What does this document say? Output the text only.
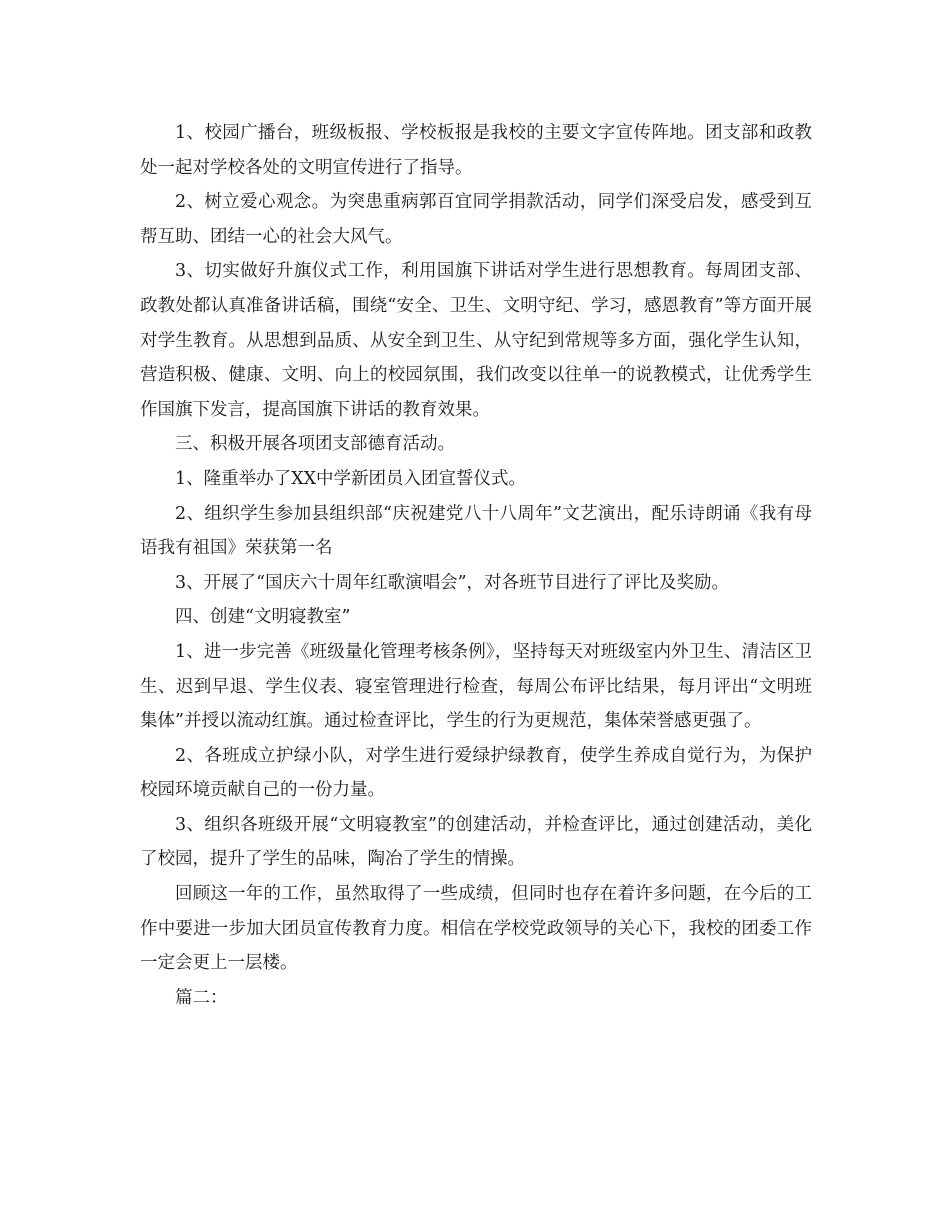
1、校园广播台，班级板报、学校板报是我校的主要文字宣传阵地。团支部和政教处一起对学校各处的文明宣传进行了指导。

2、树立爱心观念。为突患重病郭百宜同学捐款活动，同学们深受启发，感受到互帮互助、团结一心的社会大风气。

3、切实做好升旗仪式工作，利用国旗下讲话对学生进行思想教育。每周团支部、政教处都认真准备讲话稿，围绕“安全、卫生、文明守纪、学习，感恩教育”等方面开展对学生教育。从思想到品质、从安全到卫生、从守纪到常规等多方面，强化学生认知，营造积极、健康、文明、向上的校园氛围，我们改变以往单一的说教模式，让优秀学生作国旗下发言，提高国旗下讲话的教育效果。

三、积极开展各项团支部德育活动。

1、隆重举办了XX中学新团员入团宣誓仪式。

2、组织学生参加县组织部“庆祝建党八十八周年”文艺演出，配乐诗朗诵《我有母语我有祖国》荣获第一名

3、开展了“国庆六十周年红歌演唱会”，对各班节目进行了评比及奖励。

四、创建“文明寝教室”

1、进一步完善《班级量化管理考核条例》，坚持每天对班级室内外卫生、清洁区卫生、迟到早退、学生仪表、寝室管理进行检查，每周公布评比结果，每月评出“文明班集体”并授以流动红旗。通过检查评比，学生的行为更规范，集体荣誉感更强了。

2、各班成立护绿小队，对学生进行爱绿护绿教育，使学生养成自觉行为，为保护校园环境贡献自己的一份力量。

3、组织各班级开展“文明寝教室”的创建活动，并检查评比，通过创建活动，美化了校园，提升了学生的品味，陶冶了学生的情操。

回顾这一年的工作，虽然取得了一些成绩，但同时也存在着许多问题，在今后的工作中要进一步加大团员宣传教育力度。相信在学校党政领导的关心下，我校的团委工作一定会更上一层楼。

篇二：
